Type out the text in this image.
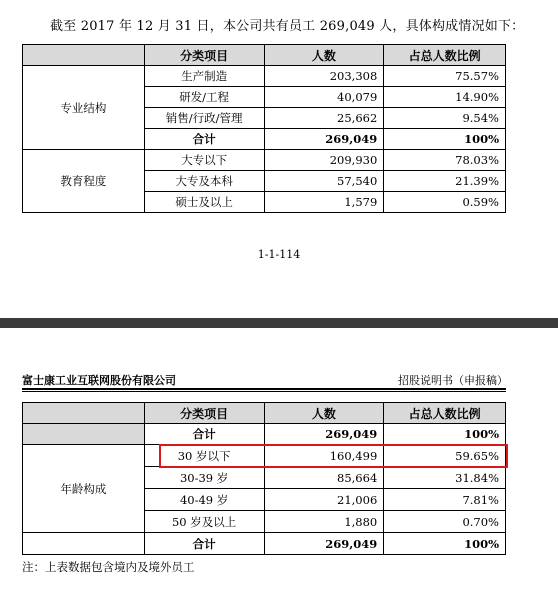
截至 2017 年 12 月 31 日，本公司共有员工 269,049 人，具体构成情况如下：
	分类项目	人数	占总人数比例
专业结构	生产制造	203,308	75.57%
	研发/工程	40,079	14.90%
	销售/行政/管理	25,662	9.54%
	合计	269,049	100%
教育程度	大专以下	209,930	78.03%
	大专及本科	57,540	21.39%
	硕士及以上	1,579	0.59%
1-1-114
富士康工业互联网股份有限公司	招股说明书（申报稿）
	分类项目	人数	占总人数比例
	合计	269,049	100%
年龄构成	30 岁以下	160,499	59.65%
	30-39 岁	85,664	31.84%
	40-49 岁	21,006	7.81%
	50 岁及以上	1,880	0.70%
	合计	269,049	100%
注：上表数据包含境内及境外员工
